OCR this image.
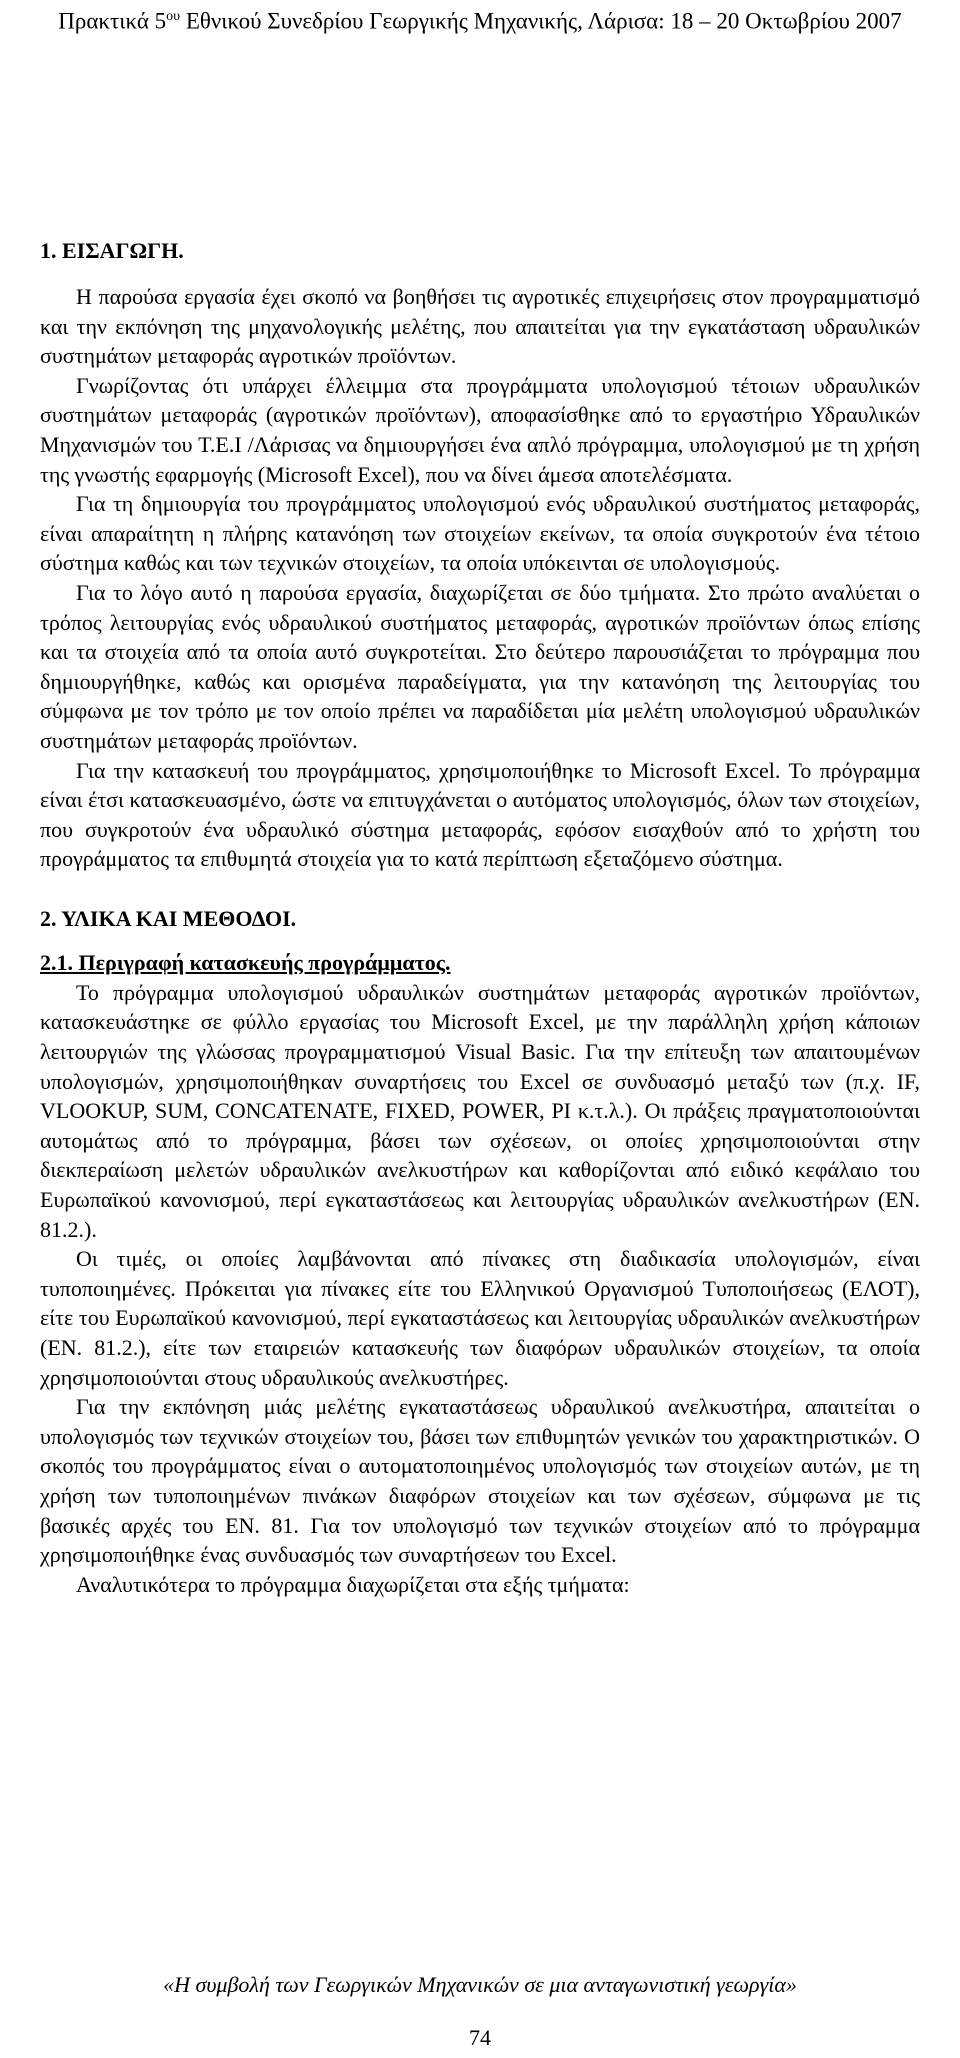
Πρακτικά $5^{o\upsilon}$ Εθνικού Συνεδρίου Γεωργικής Μηχανικής, Λάρισα: 18 – 20 Οκτωβρίου 2007
1. ΕΙΣΑΓΩΓΗ.

Η παρούσα εργασία έχει σκοπό να βοηθήσει τις αγροτικές επιχειρήσεις στον προγραμματισμό και την εκπόνηση της μηχανολογικής μελέτης, που απαιτείται για την εγκατάσταση υδραυλικών συστημάτων μεταφοράς αγροτικών προϊόντων.

Γνωρίζοντας ότι υπάρχει έλλειμμα στα προγράμματα υπολογισμού τέτοιων υδραυλικών συστημάτων μεταφοράς (αγροτικών προϊόντων), αποφασίσθηκε από το εργαστήριο Υδραυλικών Μηχανισμών του Τ.Ε.Ι /Λάρισας να δημιουργήσει ένα απλό πρόγραμμα, υπολογισμού με τη χρήση της γνωστής εφαρμογής (Microsoft Excel), που να δίνει άμεσα αποτελέσματα.

Για τη δημιουργία του προγράμματος υπολογισμού ενός υδραυλικού συστήματος μεταφοράς, είναι απαραίτητη η πλήρης κατανόηση των στοιχείων εκείνων, τα οποία συγκροτούν ένα τέτοιο σύστημα καθώς και των τεχνικών στοιχείων, τα οποία υπόκεινται σε υπολογισμούς.

Για το λόγο αυτό η παρούσα εργασία, διαχωρίζεται σε δύο τμήματα. Στο πρώτο αναλύεται ο τρόπος λειτουργίας ενός υδραυλικού συστήματος μεταφοράς, αγροτικών προϊόντων όπως επίσης και τα στοιχεία από τα οποία αυτό συγκροτείται. Στο δεύτερο παρουσιάζεται το πρόγραμμα που δημιουργήθηκε, καθώς και ορισμένα παραδείγματα, για την κατανόηση της λειτουργίας του σύμφωνα με τον τρόπο με τον οποίο πρέπει να παραδίδεται μία μελέτη υπολογισμού υδραυλικών συστημάτων μεταφοράς προϊόντων.

Για την κατασκευή του προγράμματος, χρησιμοποιήθηκε το Microsoft Excel. Το πρόγραμμα είναι έτσι κατασκευασμένο, ώστε να επιτυγχάνεται ο αυτόματος υπολογισμός, όλων των στοιχείων, που συγκροτούν ένα υδραυλικό σύστημα μεταφοράς, εφόσον εισαχθούν από το χρήστη του προγράμματος τα επιθυμητά στοιχεία για το κατά περίπτωση εξεταζόμενο σύστημα.

2. ΥΛΙΚΑ ΚΑΙ ΜΕΘΟΔΟΙ.
2.1. Περιγραφή κατασκευής προγράμματος.

Το πρόγραμμα υπολογισμού υδραυλικών συστημάτων μεταφοράς αγροτικών προϊόντων, κατασκευάστηκε σε φύλλο εργασίας του Microsoft Excel, με την παράλληλη χρήση κάποιων λειτουργιών της γλώσσας προγραμματισμού Visual Basic. Για την επίτευξη των απαιτουμένων υπολογισμών, χρησιμοποιήθηκαν συναρτήσεις του Excel σε συνδυασμό μεταξύ των (π.χ. IF, VLOOKUP, SUM, CONCATENATE, FIXED, POWER, PI κ.τ.λ.). Οι πράξεις πραγματοποιούνται αυτομάτως από το πρόγραμμα, βάσει των σχέσεων, οι οποίες χρησιμοποιούνται στην διεκπεραίωση μελετών υδραυλικών ανελκυστήρων και καθορίζονται από ειδικό κεφάλαιο του Ευρωπαϊκού κανονισμού, περί εγκαταστάσεως και λειτουργίας υδραυλικών ανελκυστήρων (ΕΝ. 81.2.).

Οι τιμές, οι οποίες λαμβάνονται από πίνακες στη διαδικασία υπολογισμών, είναι τυποποιημένες. Πρόκειται για πίνακες είτε του Ελληνικού Οργανισμού Τυποποιήσεως (ΕΛΟΤ), είτε του Ευρωπαϊκού κανονισμού, περί εγκαταστάσεως και λειτουργίας υδραυλικών ανελκυστήρων (ΕΝ. 81.2.), είτε των εταιρειών κατασκευής των διαφόρων υδραυλικών στοιχείων, τα οποία χρησιμοποιούνται στους υδραυλικούς ανελκυστήρες.

Για την εκπόνηση μιάς μελέτης εγκαταστάσεως υδραυλικού ανελκυστήρα, απαιτείται ο υπολογισμός των τεχνικών στοιχείων του, βάσει των επιθυμητών γενικών του χαρακτηριστικών. Ο σκοπός του προγράμματος είναι ο αυτοματοποιημένος υπολογισμός των στοιχείων αυτών, με τη χρήση των τυποποιημένων πινάκων διαφόρων στοιχείων και των σχέσεων, σύμφωνα με τις βασικές αρχές του ΕΝ. 81. Για τον υπολογισμό των τεχνικών στοιχείων από το πρόγραμμα χρησιμοποιήθηκε ένας συνδυασμός των συναρτήσεων του Excel.

Αναλυτικότερα το πρόγραμμα διαχωρίζεται στα εξής τμήματα:

«Η συμβολή των Γεωργικών Μηχανικών σε μια ανταγωνιστική γεωργία»
74
